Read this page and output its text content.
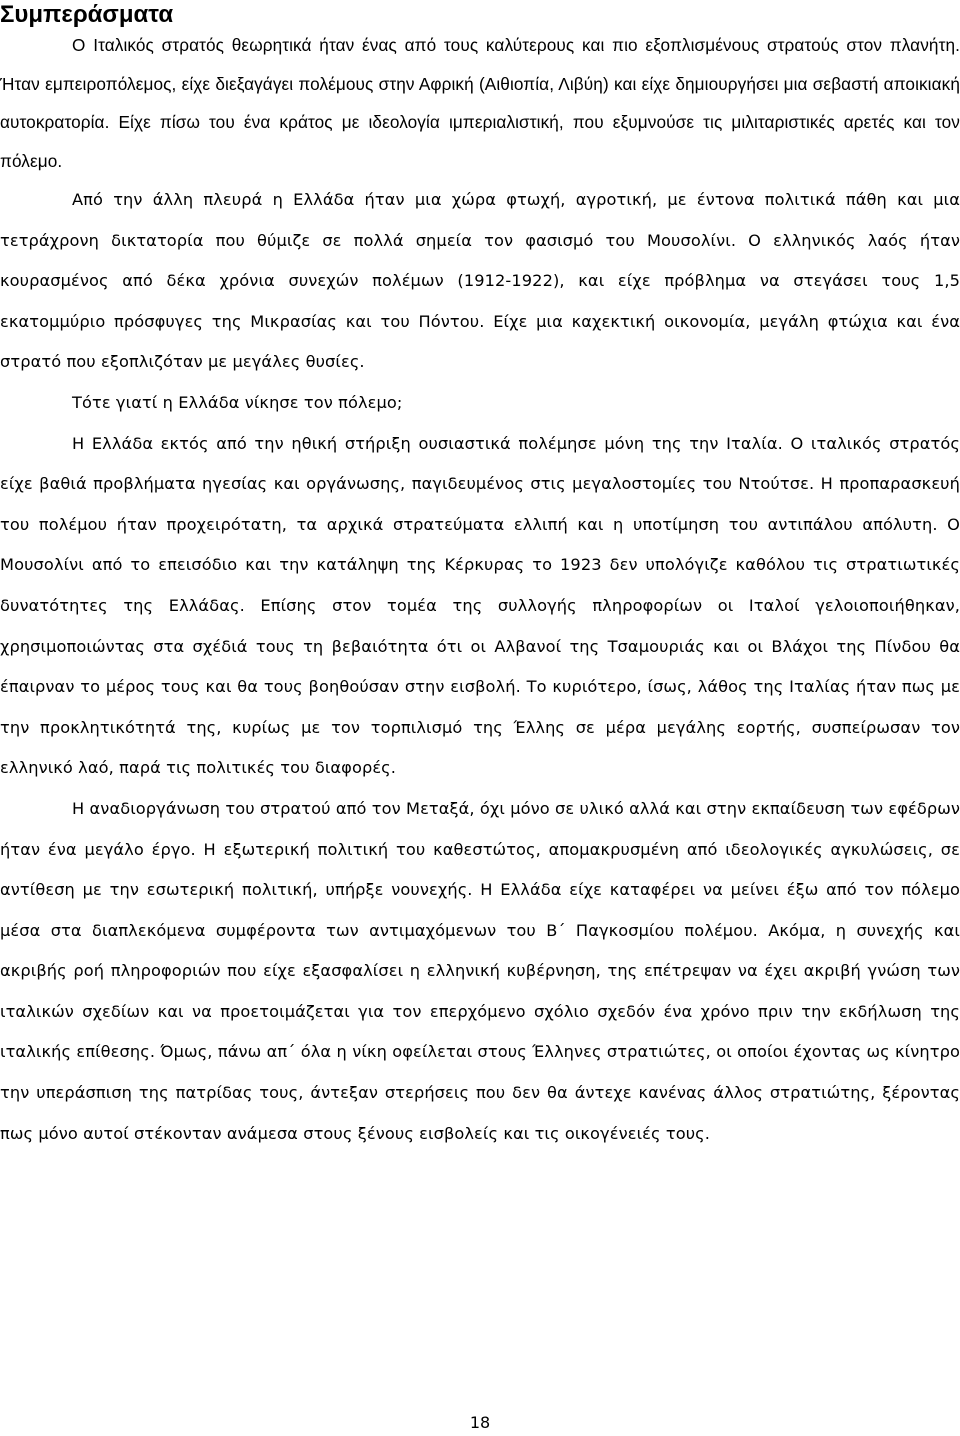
Συμπεράσματα

Ο Ιταλικός στρατός θεωρητικά ήταν ένας από τους καλύτερους και πιο εξοπλισμένους στρατούς στον πλανήτη. Ήταν εμπειροπόλεμος, είχε διεξαγάγει πολέμους στην Αφρική (Αιθιοπία, Λιβύη) και είχε δημιουργήσει μια σεβαστή αποικιακή αυτοκρατορία. Είχε πίσω του ένα κράτος με ιδεολογία ιμπεριαλιστική, που εξυμνούσε τις μιλιταριστικές αρετές και τον πόλεμο.

Από την άλλη πλευρά η Ελλάδα ήταν μια χώρα φτωχή, αγροτική, με έντονα πολιτικά πάθη και μια τετράχρονη δικτατορία που θύμιζε σε πολλά σημεία τον φασισμό του Μουσολίνι. Ο ελληνικός λαός ήταν κουρασμένος από δέκα χρόνια συνεχών πολέμων (1912-1922), και είχε πρόβλημα να στεγάσει τους 1,5 εκατομμύριο πρόσφυγες της Μικρασίας και του Πόντου. Είχε μια καχεκτική οικονομία, μεγάλη φτώχια και ένα στρατό που εξοπλιζόταν με μεγάλες θυσίες.

Τότε γιατί η Ελλάδα νίκησε τον πόλεμο;

Η Ελλάδα εκτός από την ηθική στήριξη ουσιαστικά πολέμησε μόνη της την Ιταλία. Ο ιταλικός στρατός είχε βαθιά προβλήματα ηγεσίας και οργάνωσης, παγιδευμένος στις μεγαλοστομίες του Ντούτσε. Η προπαρασκευή του πολέμου ήταν προχειρότατη, τα αρχικά στρατεύματα ελλιπή και η υποτίμηση του αντιπάλου απόλυτη. Ο Μουσολίνι από το επεισόδιο και την κατάληψη της Κέρκυρας το 1923 δεν υπολόγιζε καθόλου τις στρατιωτικές δυνατότητες της Ελλάδας. Επίσης στον τομέα της συλλογής πληροφορίων οι Ιταλοί γελοιοποιήθηκαν, χρησιμοποιώντας στα σχέδιά τους τη βεβαιότητα ότι οι Αλβανοί της Τσαμουριάς και οι Βλάχοι της Πίνδου θα έπαιρναν το μέρος τους και θα τους βοηθούσαν στην εισβολή. Το κυριότερο, ίσως, λάθος της Ιταλίας ήταν πως με την προκλητικότητά της, κυρίως με τον τορπιλισμό της Έλλης σε μέρα μεγάλης εορτής, συσπείρωσαν τον ελληνικό λαό, παρά τις πολιτικές του διαφορές.

Η αναδιοργάνωση του στρατού από τον Μεταξά, όχι μόνο σε υλικό αλλά και στην εκπαίδευση των εφέδρων ήταν ένα μεγάλο έργο. Η εξωτερική πολιτική του καθεστώτος, απομακρυσμένη από ιδεολογικές αγκυλώσεις, σε αντίθεση με την εσωτερική πολιτική, υπήρξε νουνεχής. Η Ελλάδα είχε καταφέρει να μείνει έξω από τον πόλεμο μέσα στα διαπλεκόμενα συμφέροντα των αντιμαχόμενων του Β΄ Παγκοσμίου πολέμου. Ακόμα, η συνεχής και ακριβής ροή πληροφοριών που είχε εξασφαλίσει η ελληνική κυβέρνηση, της επέτρεψαν να έχει ακριβή γνώση των ιταλικών σχεδίων και να προετοιμάζεται για τον επερχόμενο σχόλιο σχεδόν ένα χρόνο πριν την εκδήλωση της ιταλικής επίθεσης. Όμως, πάνω απ΄ όλα η νίκη οφείλεται στους Έλληνες στρατιώτες, οι οποίοι έχοντας ως κίνητρο την υπεράσπιση της πατρίδας τους, άντεξαν στερήσεις που δεν θα άντεχε κανένας άλλος στρατιώτης, ξέροντας πως μόνο αυτοί στέκονταν ανάμεσα στους ξένους εισβολείς και τις οικογένειές τους.

18
